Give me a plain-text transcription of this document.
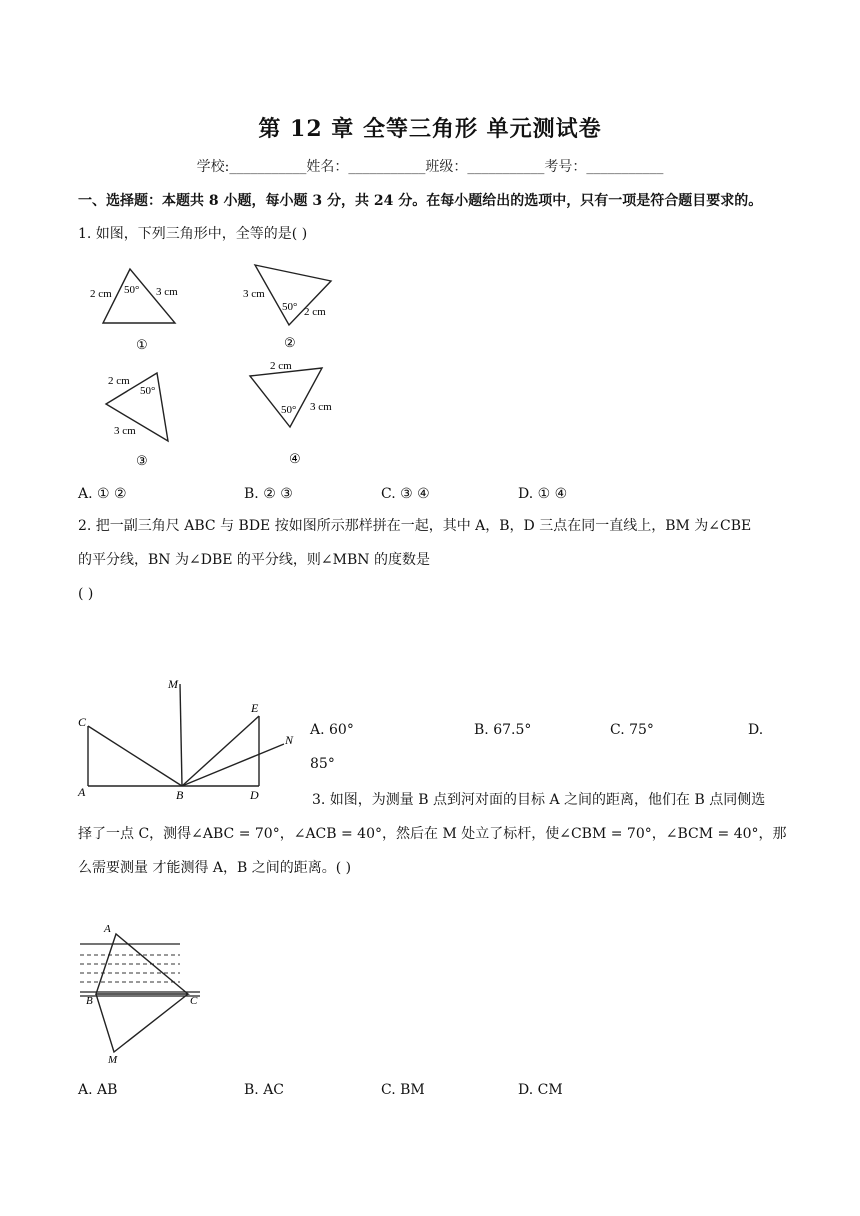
第 12 章 全等三角形 单元测试卷
学校:___________姓名：___________班级：___________考号：___________
一、选择题：本题共 8 小题，每小题 3 分，共 24 分。在每小题给出的选项中，只有一项是符合题目要求的。
1. 如图，下列三角形中，全等的是( )
2 cm 50° 3 cm
①
3 cm
50° 2 cm
②
2 cm
50°
3 cm
③
2 cm
50° 3 cm
④
A. ① ②	B. ② ③	C. ③ ④	D. ① ④
2. 把一副三角尺 ABC 与 BDE 按如图所示那样拼在一起，其中 A，B，D 三点在同一直线上，BM 为∠CBE
的平分线，BN 为∠DBE 的平分线，则∠MBN 的度数是
( )
M
C
E
N
A	B	D
A. 60°	B. 67.5°	C. 75°	D.
85°
3. 如图，为测量 B 点到河对面的目标 A 之间的距离，他们在 B 点同侧选
择了一点 C，测得∠ABC = 70°，∠ACB = 40°，然后在 M 处立了标杆，使∠CBM = 70°，∠BCM = 40°，那
么需要测量 才能测得 A，B 之间的距离。( )
A
B	C
M
A. AB	B. AC	C. BM	D. CM
